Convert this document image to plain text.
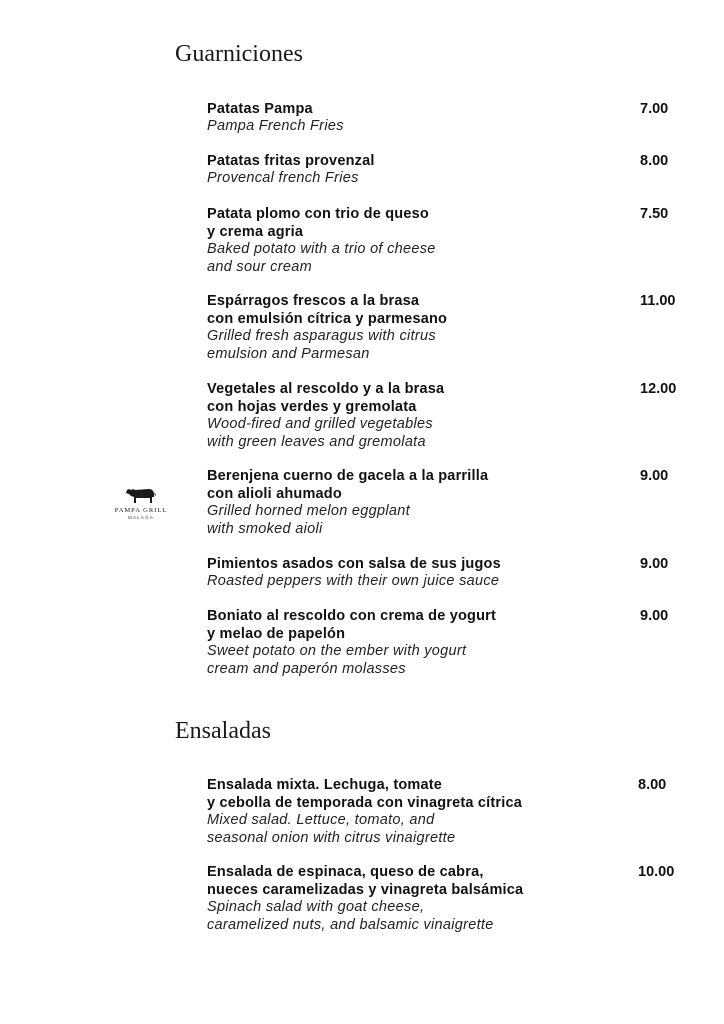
Guarniciones
Patatas Pampa
Pampa French Fries
7.00
Patatas fritas provenzal
Provencal french Fries
8.00
Patata plomo con trio de queso
y crema agria
Baked potato with a trio of cheese
and sour cream
7.50
Espárragos frescos a la brasa
con emulsión cítrica y parmesano
Grilled fresh asparagus with citrus
emulsion and Parmesan
11.00
Vegetales al rescoldo y a la brasa
con hojas verdes y gremolata
Wood-fired and grilled vegetables
with green leaves and gremolata
12.00
Berenjena cuerno de gacela a la parrilla
con alioli ahumado
Grilled horned melon eggplant
with smoked aioli
9.00
Pimientos asados con salsa de sus jugos
Roasted peppers with their own juice sauce
9.00
Boniato al rescoldo con crema de yogurt
y melao de papelón
Sweet potato on the ember with yogurt
cream and paperón molasses
9.00
Ensaladas
Ensalada mixta. Lechuga, tomate
y cebolla de temporada con vinagreta cítrica
Mixed salad. Lettuce, tomato, and
seasonal onion with citrus vinaigrette
8.00
Ensalada de espinaca, queso de cabra,
nueces caramelizadas y vinagreta balsámica
Spinach salad with goat cheese,
caramelized nuts, and balsamic vinaigrette
10.00
PAMPA GRILL
MALAGA
